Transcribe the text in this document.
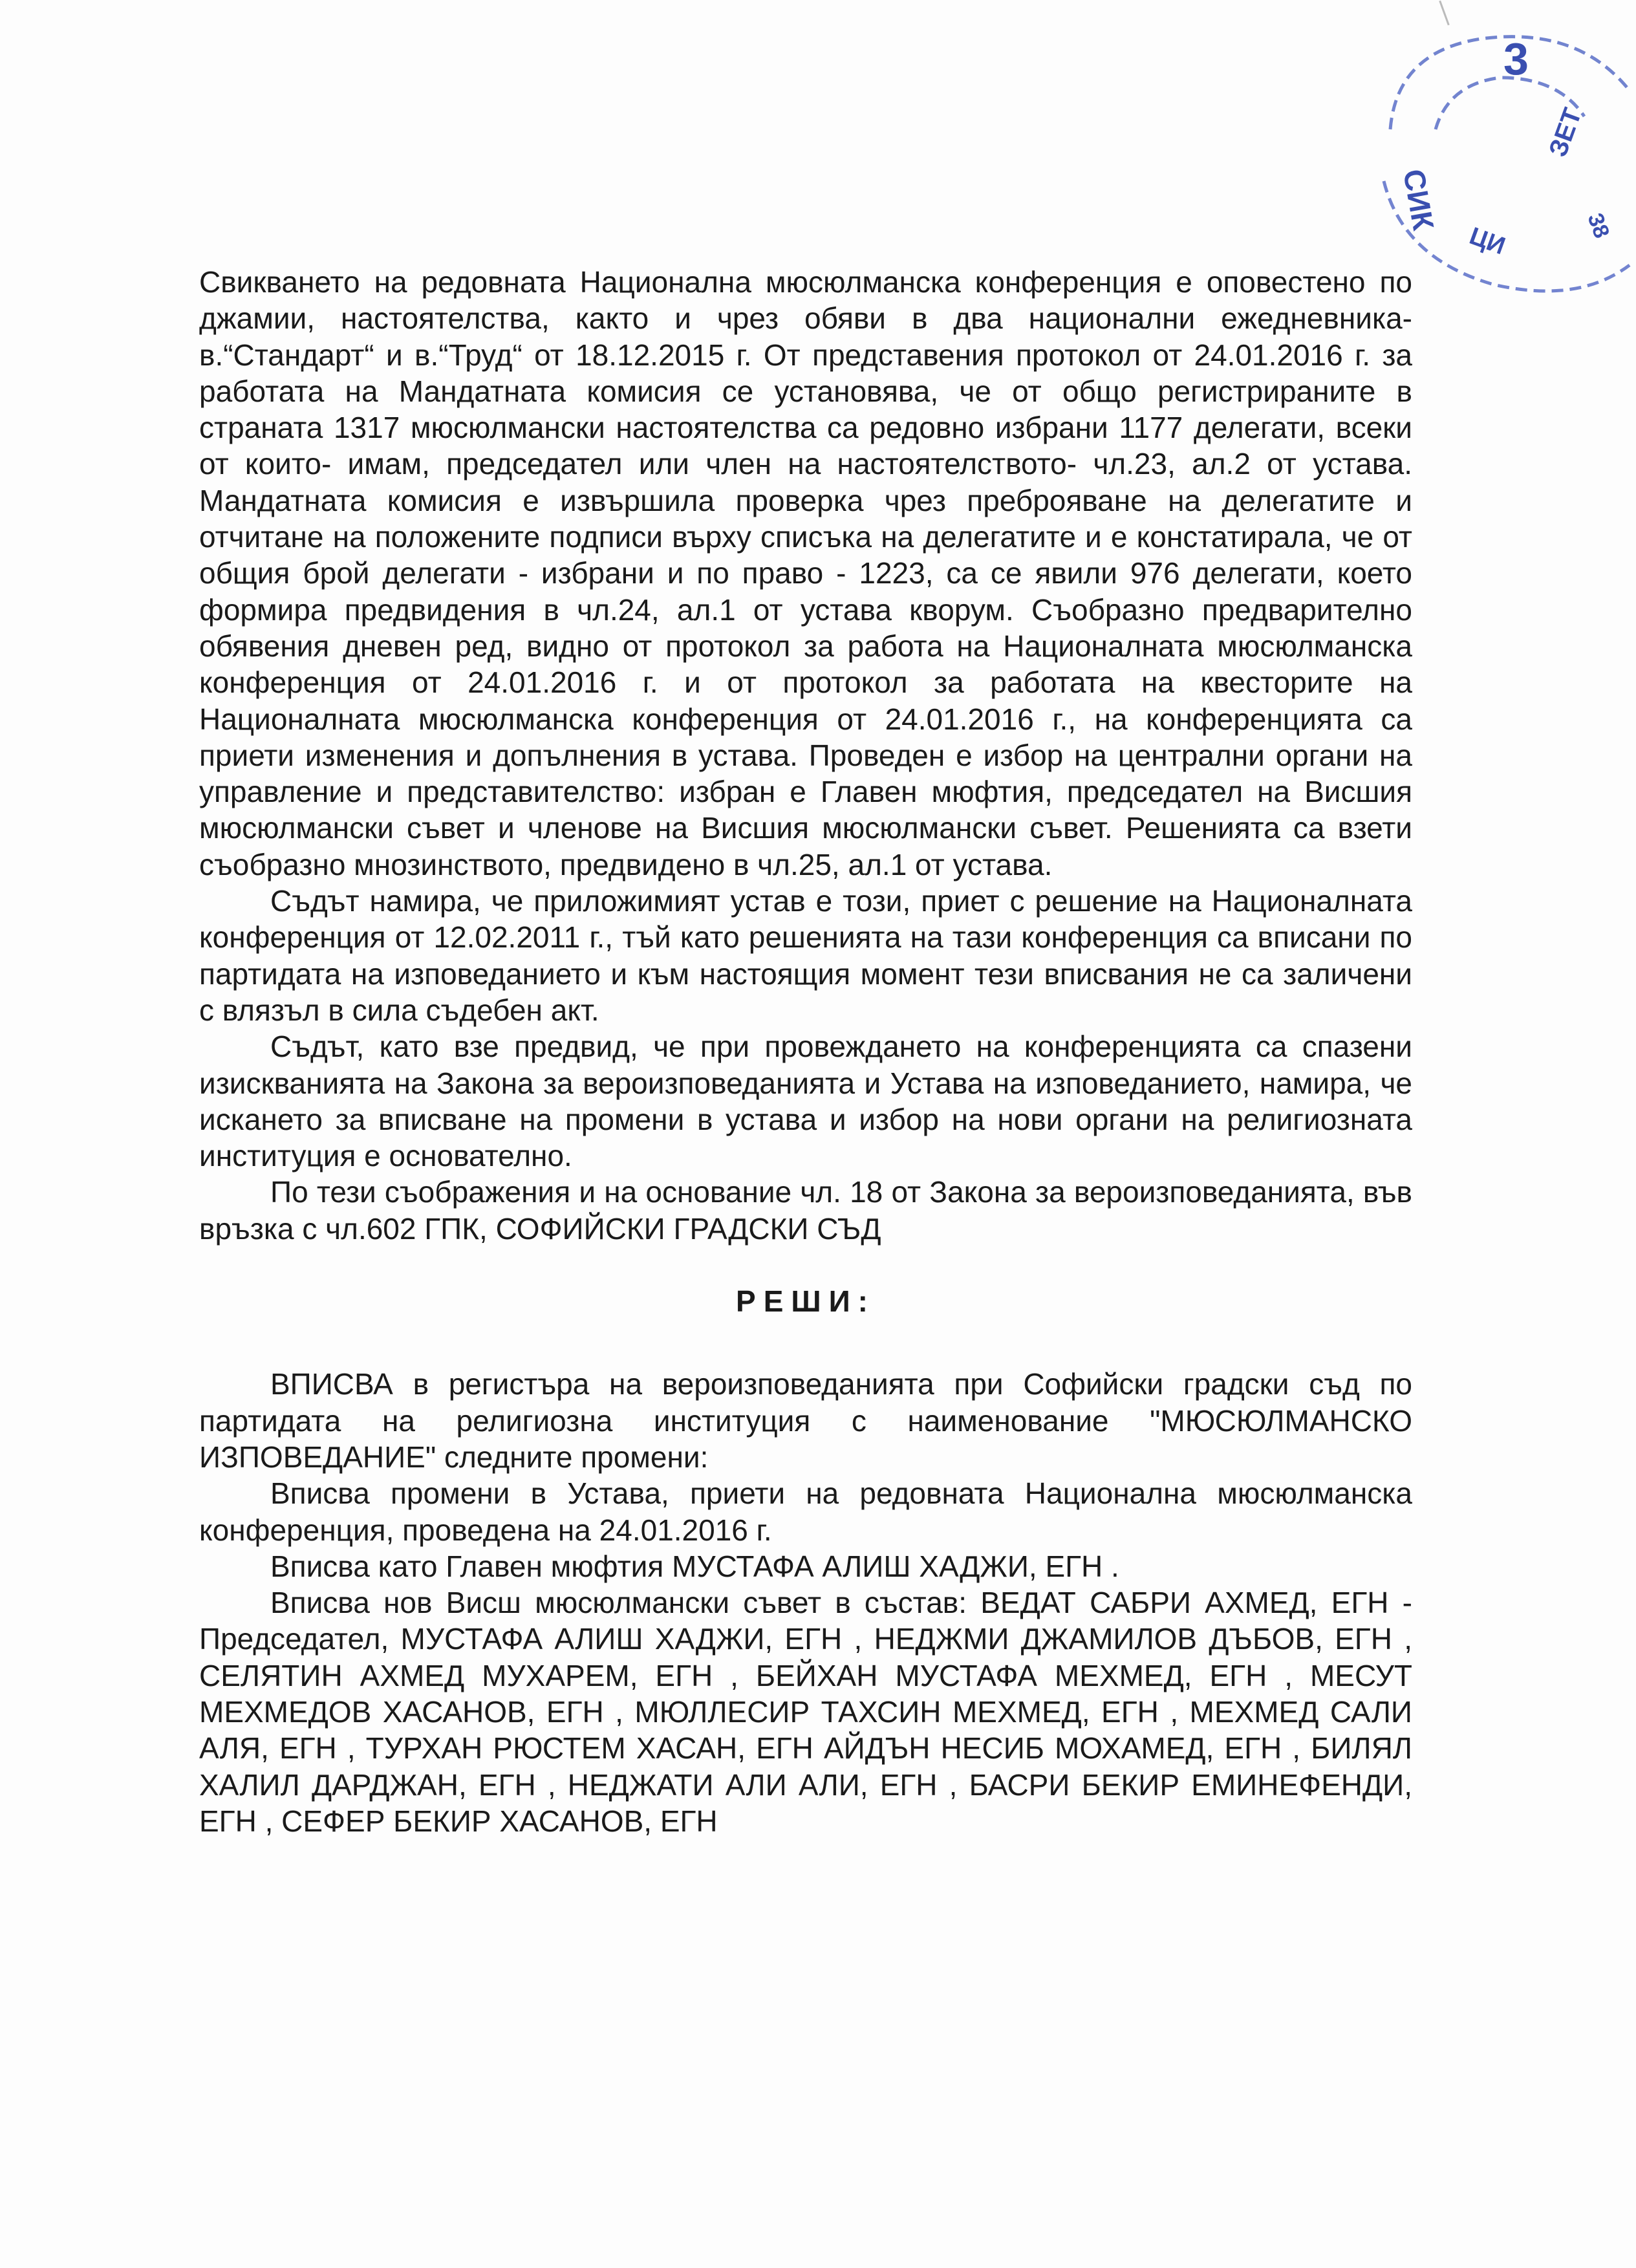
3
СИК
ЗЕТ
38
ЦИ

Свикването на редовната Национална мюсюлманска конференция е оповестено по джамии, настоятелства, както и чрез обяви в два национални ежедневника- в.“Стандарт“ и в.“Труд“ от 18.12.2015 г. От представения протокол от 24.01.2016 г. за работата на Мандатната комисия се установява, че от общо регистрираните в страната 1317 мюсюлмански настоятелства са редовно избрани 1177 делегати, всеки от които- имам, председател или член на настоятелството- чл.23, ал.2 от устава. Мандатната комисия е извършила проверка чрез преброяване на делегатите и отчитане на положените подписи върху списъка на делегатите и е констатирала, че от общия брой делегати - избрани и по право - 1223, са се явили 976 делегати, което формира предвидения в чл.24, ал.1 от устава кворум. Съобразно предварително обявения дневен ред, видно от протокол за работа на Националната мюсюлманска конференция от 24.01.2016 г. и от протокол за работата на квесторите на Националната мюсюлманска конференция от 24.01.2016 г., на конференцията са приети изменения и допълнения в устава. Проведен е избор на централни органи на управление и представителство: избран е Главен мюфтия, председател на Висшия мюсюлмански съвет и членове на Висшия мюсюлмански съвет. Решенията са взети съобразно мнозинството, предвидено в чл.25, ал.1 от устава.

Съдът намира, че приложимият устав е този, приет с решение на Националната конференция от 12.02.2011 г., тъй като решенията на тази конференция са вписани по партидата на изповеданието и към настоящия момент тези вписвания не са заличени с влязъл в сила съдебен акт.

Съдът, като взе предвид, че при провеждането на конференцията са спазени изискванията на Закона за вероизповеданията и Устава на изповеданието, намира, че искането за вписване на промени в устава и избор на нови органи на религиозната институция е основателно.

По тези съображения и на основание чл. 18 от Закона за вероизповеданията, във връзка с чл.602 ГПК, СОФИЙСКИ ГРАДСКИ СЪД

РЕШИ:

ВПИСВА в регистъра на вероизповеданията при Софийски градски съд по партидата на религиозна институция с наименование "МЮСЮЛМАНСКО ИЗПОВЕДАНИЕ" следните промени:

Вписва промени в Устава, приети на редовната Национална мюсюлманска конференция, проведена на 24.01.2016 г.

Вписва като Главен мюфтия МУСТАФА АЛИШ ХАДЖИ, ЕГН .

Вписва нов Висш мюсюлмански съвет в състав: ВЕДАТ САБРИ АХМЕД, ЕГН - Председател, МУСТАФА АЛИШ ХАДЖИ, ЕГН , НЕДЖМИ ДЖАМИЛОВ ДЪБОВ, ЕГН , СЕЛЯТИН АХМЕД МУХАРЕМ, ЕГН , БЕЙХАН МУСТАФА МЕХМЕД, ЕГН , МЕСУТ МЕХМЕДОВ ХАСАНОВ, ЕГН , МЮЛЛЕСИР ТАХСИН МЕХМЕД, ЕГН , МЕХМЕД САЛИ АЛЯ, ЕГН , ТУРХАН РЮСТЕМ ХАСАН, ЕГН АЙДЪН НЕСИБ МОХАМЕД, ЕГН , БИЛЯЛ ХАЛИЛ ДАРДЖАН, ЕГН , НЕДЖАТИ АЛИ АЛИ, ЕГН , БАСРИ БЕКИР ЕМИНЕФЕНДИ, ЕГН , СЕФЕР БЕКИР ХАСАНОВ, ЕГН
